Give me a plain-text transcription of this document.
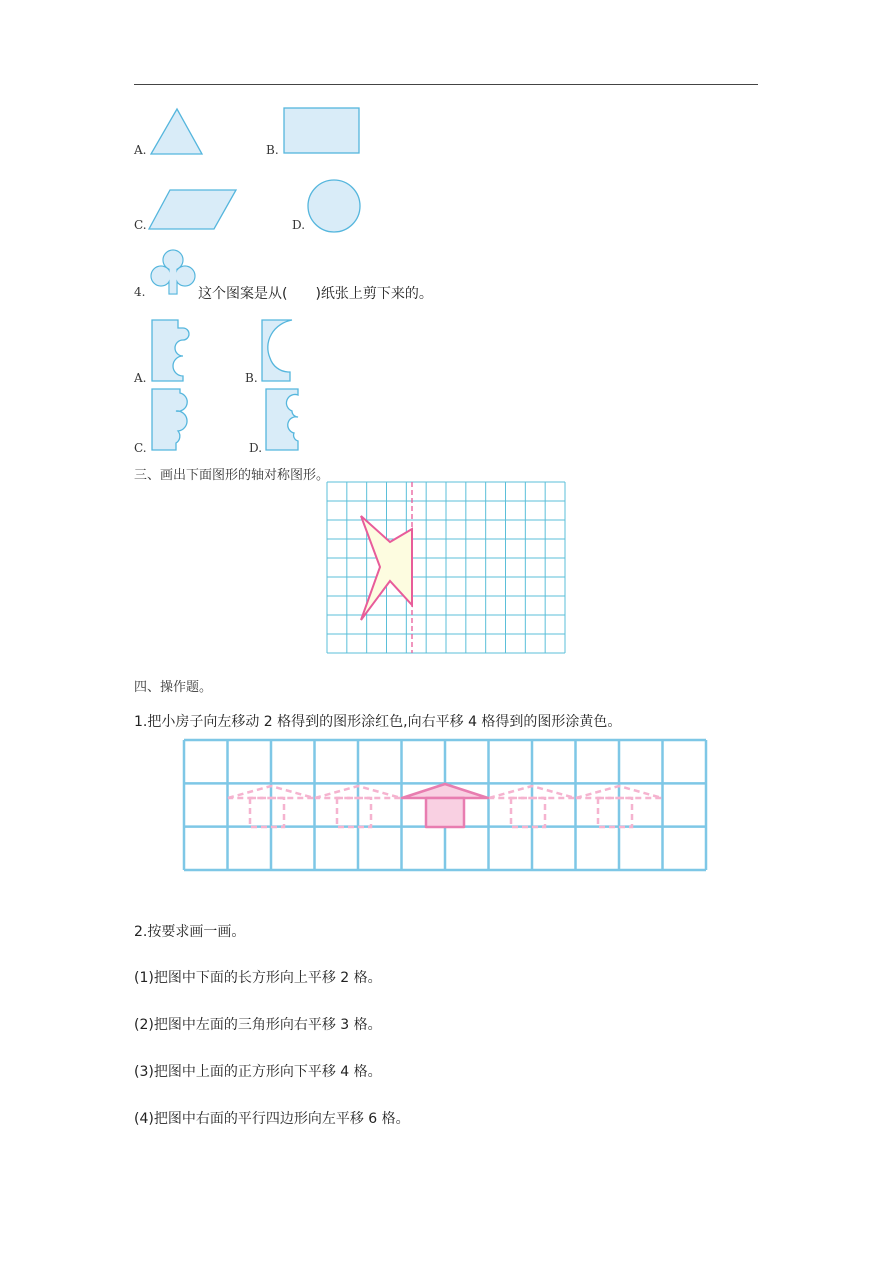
A.	B.
C.	D.
4.	这个图案是从(　　)纸张上剪下来的。
A.	B.
C.	D.
三、画出下面图形的轴对称图形。
四、操作题。
1.把小房子向左移动 2 格得到的图形涂红色,向右平移 4 格得到的图形涂黄色。
2.按要求画一画。
(1)把图中下面的长方形向上平移 2 格。
(2)把图中左面的三角形向右平移 3 格。
(3)把图中上面的正方形向下平移 4 格。
(4)把图中右面的平行四边形向左平移 6 格。
